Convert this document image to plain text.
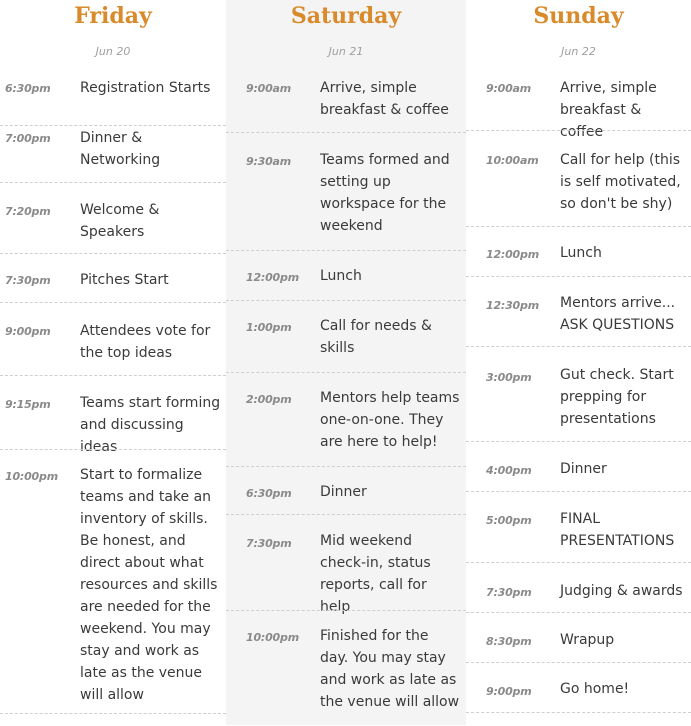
Friday
Jun 20
6:30pm	Registration Starts
7:00pm	Dinner & Networking
7:20pm	Welcome & Speakers
7:30pm	Pitches Start
9:00pm	Attendees vote for the top ideas
9:15pm	Teams start forming and discussing ideas
10:00pm	Start to formalize teams and take an inventory of skills. Be honest, and direct about what resources and skills are needed for the weekend. You may stay and work as late as the venue will allow
Saturday
Jun 21
9:00am	Arrive, simple breakfast & coffee
9:30am	Teams formed and setting up workspace for the weekend
12:00pm	Lunch
1:00pm	Call for needs & skills
2:00pm	Mentors help teams one-on-one. They are here to help!
6:30pm	Dinner
7:30pm	Mid weekend check-in, status reports, call for help
10:00pm	Finished for the day. You may stay and work as late as the venue will allow
Sunday
Jun 22
9:00am	Arrive, simple breakfast & coffee
10:00am	Call for help (this is self motivated, so don't be shy)
12:00pm	Lunch
12:30pm	Mentors arrive... ASK QUESTIONS
3:00pm	Gut check. Start prepping for presentations
4:00pm	Dinner
5:00pm	FINAL PRESENTATIONS
7:30pm	Judging & awards
8:30pm	Wrapup
9:00pm	Go home!
